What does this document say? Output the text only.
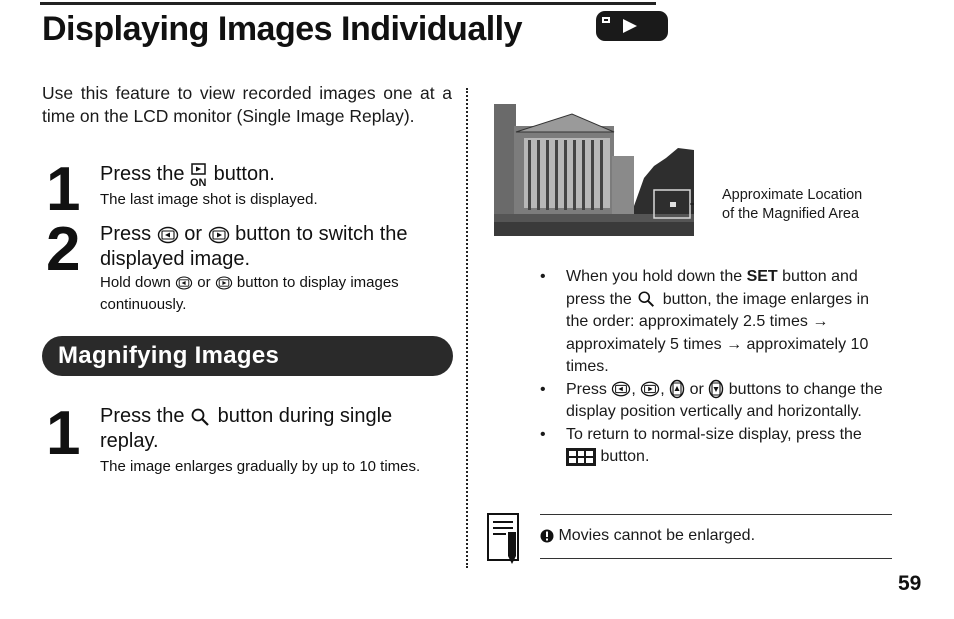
Displaying Images Individually
Use this feature to view recorded images one at a time on the LCD monitor (Single Image Replay).
1 Press the ON button.
The last image shot is displayed.
2 Press or button to switch the displayed image.
Hold down or button to display images continuously.
Magnifying Images
1 Press the button during single replay.
The image enlarges gradually by up to 10 times.
Approximate Location
of the Magnified Area

• When you hold down the SET button and press the button, the image enlarges in the order: approximately 2.5 times → approximately 5 times → approximately 10 times.

• Press , , or buttons to change the display position vertically and horizontally.

• To return to normal-size display, press the  button.

Movies cannot be enlarged.
59
